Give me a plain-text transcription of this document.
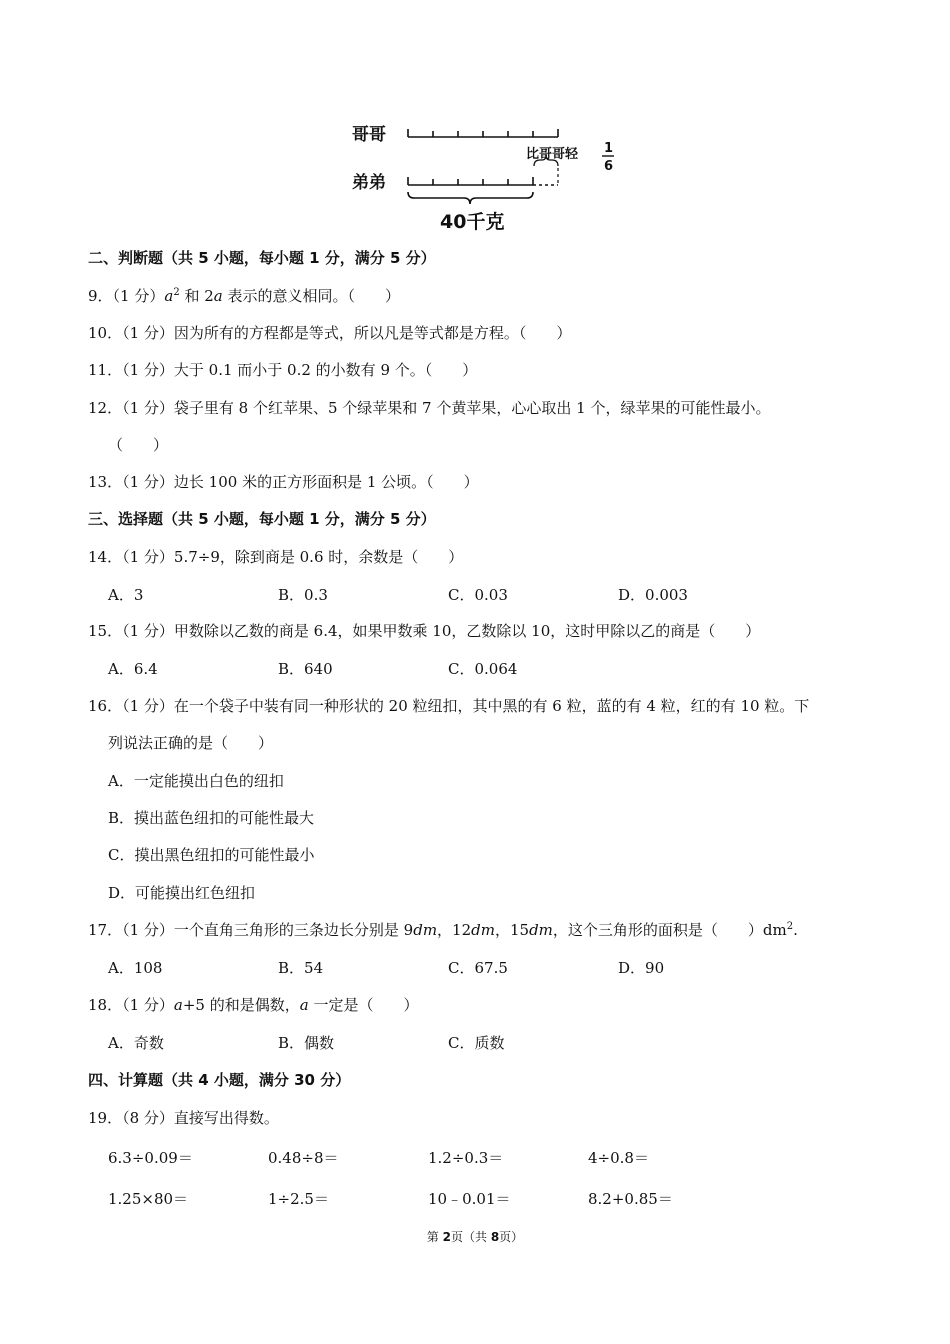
哥哥
比哥哥轻 1
6
弟弟
40千克
二、判断题（共 5 小题，每小题 1 分，满分 5 分）
9．（1 分）$a^2$ 和 2a 表示的意义相同。（　　）
10．（1 分）因为所有的方程都是等式，所以凡是等式都是方程。（　　）
11．（1 分）大于 0.1 而小于 0.2 的小数有 9 个。（　　）
12．（1 分）袋子里有 8 个红苹果、5 个绿苹果和 7 个黄苹果，心心取出 1 个，绿苹果的可能性最小。
（　　）
13．（1 分）边长 100 米的正方形面积是 1 公顷。（　　）
三、选择题（共 5 小题，每小题 1 分，满分 5 分）
14．（1 分）5.7÷9，除到商是 0.6 时，余数是（　　）
A．3	B．0.3	C．0.03	D．0.003
15．（1 分）甲数除以乙数的商是 6.4，如果甲数乘 10，乙数除以 10，这时甲除以乙的商是（　　）
A．6.4	B．640	C．0.064
16．（1 分）在一个袋子中装有同一种形状的 20 粒纽扣，其中黑的有 6 粒，蓝的有 4 粒，红的有 10 粒。下
列说法正确的是（　　）
A．一定能摸出白色的纽扣
B．摸出蓝色纽扣的可能性最大
C．摸出黑色纽扣的可能性最小
D．可能摸出红色纽扣
17．（1 分）一个直角三角形的三条边长分别是 9dm，12dm，15dm，这个三角形的面积是（　　）$dm^2$.
A．108	B．54	C．67.5	D．90
18．（1 分）a+5 的和是偶数，a 一定是（　　）
A．奇数	B．偶数	C．质数
四、计算题（共 4 小题，满分 30 分）
19．（8 分）直接写出得数。
6.3÷0.09＝	0.48÷8＝	1.2÷0.3＝	4÷0.8＝
1.25×80＝	1÷2.5＝	10﹣0.01＝	8.2+0.85＝
第 2页（共 8页）
